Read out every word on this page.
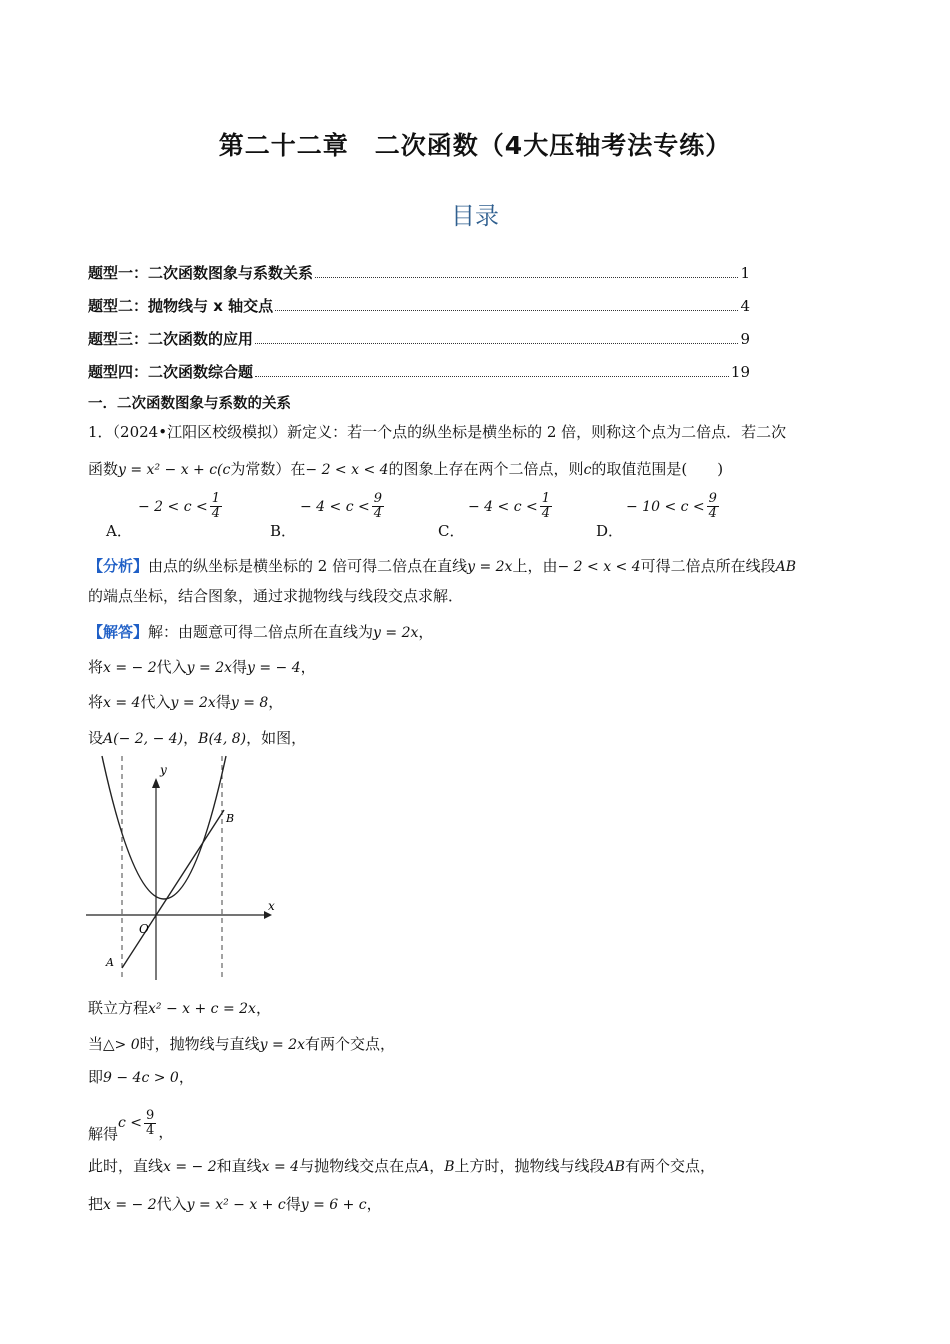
第二十二章　二次函数（4大压轴考法专练）
目录
题型一：二次函数图象与系数关系	1
题型二：抛物线与 x 轴交点	4
题型三：二次函数的应用	9
题型四：二次函数综合题	19
一．二次函数图象与系数的关系
1．（2024•江阳区校级模拟）新定义：若一个点的纵坐标是横坐标的 2 倍，则称这个点为二倍点．若二次
函数y = x² − x + c(c为常数）在− 2 < x < 4的图象上存在两个二倍点，则c的取值范围是(　　)
A．
− $2 < c < \frac{1}{4}$
B．
− $4 < c < \frac{9}{4}$
C．
− $4 < c < \frac{1}{4}$
D．
− $10 < c < \frac{9}{4}$
【分析】由点的纵坐标是横坐标的 2 倍可得二倍点在直线y = 2x上，由− 2 < x < 4可得二倍点所在线段AB
的端点坐标，结合图象，通过求抛物线与线段交点求解．
【解答】解：由题意可得二倍点所在直线为y = 2x，
将x = − 2代入y = 2x得y = − 4，
将x = 4代入y = 2x得y = 8，
设A(− 2, − 4)，B(4, 8)，如图，
y
x
O
A
B
联立方程x² − x + c = 2x，
当△> 0时，抛物线与直线y = 2x有两个交点，
即9 − 4c > 0，
解得
$c < \frac{9}{4}$ ，
此时，直线x = − 2和直线x = 4与抛物线交点在点A，B上方时，抛物线与线段AB有两个交点，
把x = − 2代入y = x² − x + c得y = 6 + c，
